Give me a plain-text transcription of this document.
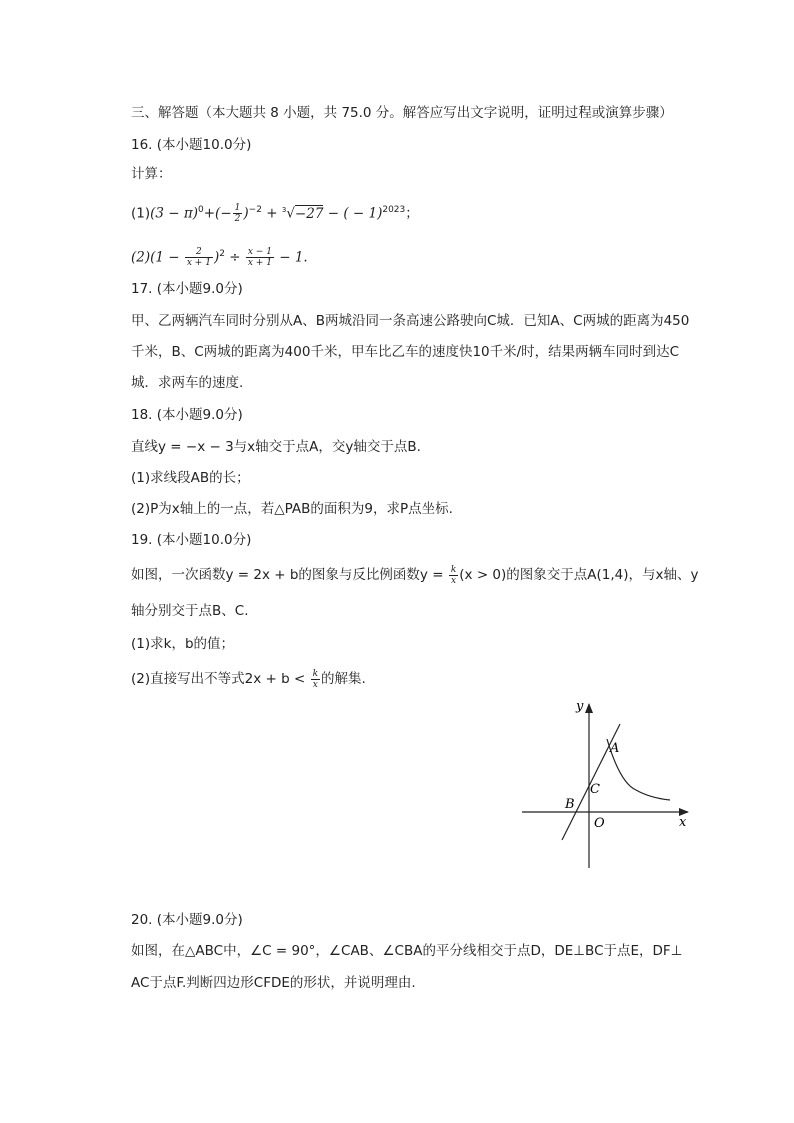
三、解答题（本大题共 8 小题，共 75.0 分。解答应写出文字说明，证明过程或演算步骤）
16. (本小题10.0分)
计算：
$(1)(3 - \pi)^0+(- \frac{1}{2} )^{-2} + ^3√-27$ − ( − 1)$^{2023}$；
$(2)(1 - \frac{2}{x + 1} )^2 \div \frac{x - 1}{x + 1} - 1$.
17. (本小题9.0分)
甲、乙两辆汽车同时分别从A、B两城沿同一条高速公路驶向C城．已知A、C两城的距离为450
千米，B、C两城的距离为400千米，甲车比乙车的速度快10千米/时，结果两辆车同时到达C
城．求两车的速度.
18. (本小题9.0分)
直线y = −x − 3与x轴交于点A，交y轴交于点B.
(1)求线段AB的长；
(2)P为x轴上的一点，若△PAB的面积为9，求P点坐标.
19. (本小题10.0分)
如图，一次函数y = 2x + b的图象与反比例函数$y = \frac{k}{x} (x > 0)$的图象交于点A(1,4)，与x轴、y
轴分别交于点B、C.
(1)求k，b的值；
(2)直接写出不等式$2x + b < \frac{k}{x}$ 的解集.
y
x
A
C
B
O
20. (本小题9.0分)
如图，在△ABC中，∠C = 90°，∠CAB、∠CBA的平分线相交于点D，DE⊥BC于点E，DF⊥
AC于点F.判断四边形CFDE的形状，并说明理由.
